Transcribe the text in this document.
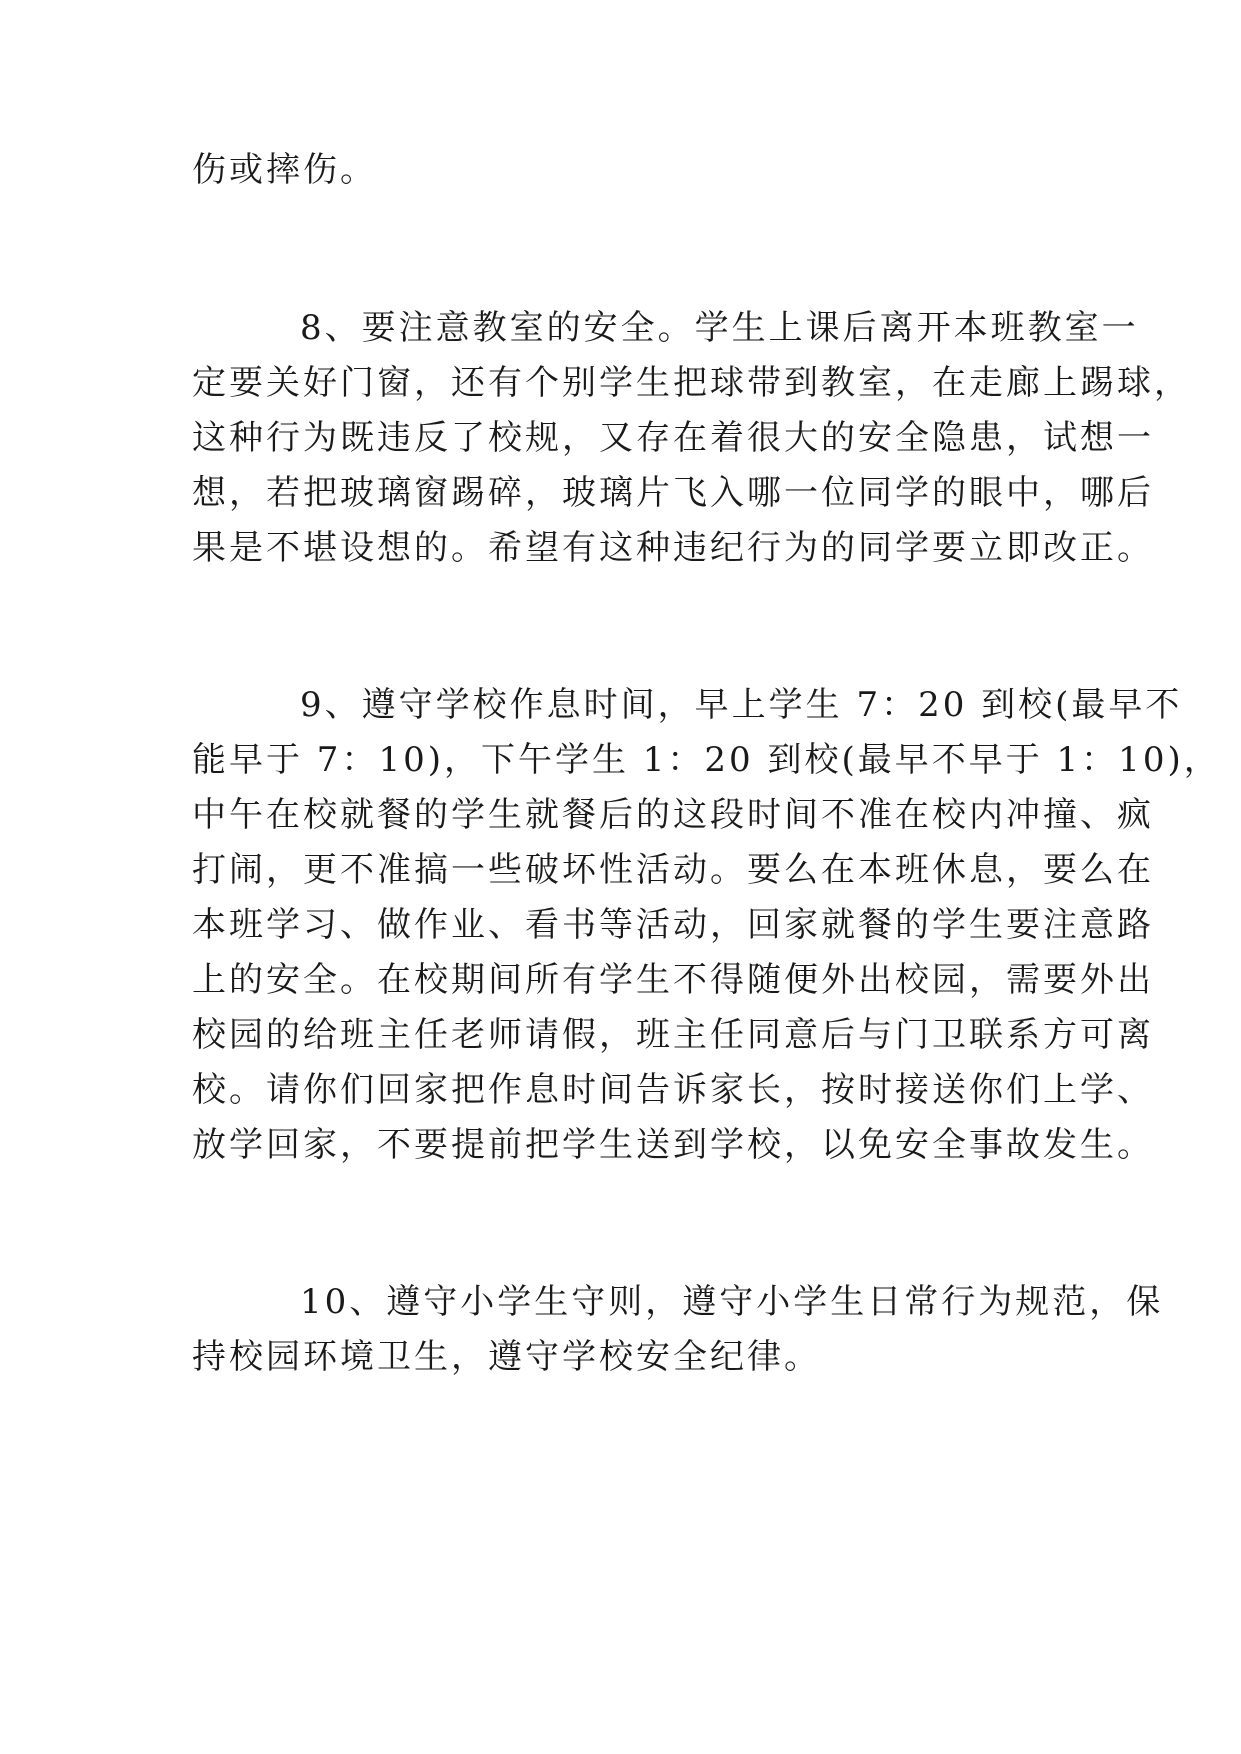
伤或摔伤。

8、要注意教室的安全。学生上课后离开本班教室一

定要关好门窗，还有个别学生把球带到教室，在走廊上踢球，

这种行为既违反了校规，又存在着很大的安全隐患，试想一

想，若把玻璃窗踢碎，玻璃片飞入哪一位同学的眼中，哪后

果是不堪设想的。希望有这种违纪行为的同学要立即改正。

9、遵守学校作息时间，早上学生 7：20 到校(最早不

能早于 7：10)，下午学生 1：20 到校(最早不早于 1：10)，

中午在校就餐的学生就餐后的这段时间不准在校内冲撞、疯

打闹，更不准搞一些破坏性活动。要么在本班休息，要么在

本班学习、做作业、看书等活动，回家就餐的学生要注意路

上的安全。在校期间所有学生不得随便外出校园，需要外出

校园的给班主任老师请假，班主任同意后与门卫联系方可离

校。请你们回家把作息时间告诉家长，按时接送你们上学、

放学回家，不要提前把学生送到学校，以免安全事故发生。

10、遵守小学生守则，遵守小学生日常行为规范，保

持校园环境卫生，遵守学校安全纪律。
